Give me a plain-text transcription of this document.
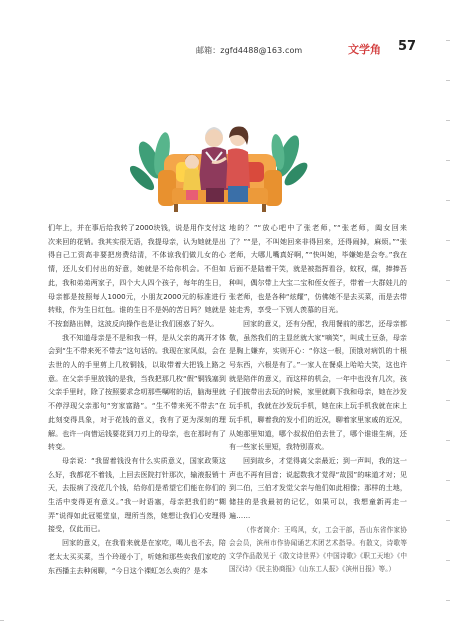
邮箱：zgfd4488@163.com	文学角 57

们年上，并在事后给我转了2000块钱，说是用作支付这次来回的花销。我其实很无语，我提母亲，认为她就是出得自己工资高非要把房费结清，不体谅我们做儿女的心情，还儿女们付出的好意，她就是不给你机会。不但如此，我和弟弟两家子，四个大人四个孩子，每年的生日，母亲都是按照每人1000元，小朋友2000元的标准进行转账，作为生日红包。谁的生日不是妈的苦日吗？她就是不按套路出牌，这波反向操作也是让我们困惑了好久。

我不知道母亲是不是和我一样，是从父亲的离开才体会到“生不带来死不带去”这句话的。我现在家风似，会在去世的人的手里剪上几枚铜钱，以取带着大把钱上路之意。在父亲手里放钱的是我，当我把那几枚“假”铜钱塞到父亲手里时，除了按照要求念叨那些嘱咐的话，脑海里就不停浮现父亲那句“穷家富路”。“生不带来死不带去”在此刻变得具象，对于花钱的意义，我有了更为深刻的理解。也许一向惜运钱要花到刀刃上的母亲，也在那时有了转变。

母亲说：“我留着钱没有什么实质意义，国家政策这么好，我都花不着钱，上回去医院打针那次，输液报销十天，去报病了没花几个钱，给你们是希望它们能在你们的生活中变得更有意义。”我一时语塞，母亲把我们的“糊弄”说得如此冠冕堂皇，理所当然，她想让我们心安理得接受，仅此而已。

回家的意义，在我看来就是在家吃，喝儿也不去，陪老太太买买菜，当个玲瑷小丁，听她和那些卖我们家吃的东西播主去种闲聊，“今日这个裸虹怎么卖的？是本

地的？”“放心吧中了张老师，”“张老师，阖女回来了？”“是，不叫她回来非得回来，还得闹掉，麻烦。”“张老师，大哪儿嘴真好啊，”“快叫她，毕嫌她是会夸。”我在后面不是陆着干笑，就是被指挥看谷，蚊权，煤，捧捧吾种叫，偶尔带上大宝二宝和侄女侄子，带着一大群娃儿的张老师，也是各种“炫耀”，仿佛她不是去买菜，而是去带娃走秀，享受一下别人羡慕的目光。

回家的意义，还有分配，我用餐前的那艺，还母亲都敬，虽然我们的主显丝就大家“嘀笑”，叫成土豆条，母亲是胸上嫌弃，实则开心：“你这一根，顶饿对病饥的十根号东西，六根是有了。”一家人在餐桌上哈哈大笑，这也许就是陪伴的意义，而这样的机会，一年中也没有几次，孩子们披带出去玩的时候，家里就剩下我和母亲，她在沙发玩手机，我就在沙发玩手机，她在床上玩手机我就在床上玩手机，聊着我的发小们的近况，聊着家里家戚的近况，从她那里知道，哪个叔叔伯伯去世了，哪个谁谁生病，还有一些家长里短，我特别喜欢。

回到故乡，才觉得离父亲最近；到一声叫，我的这一声也不再有回音；说起数我才觉得“故园”的味道才对；见到二伯，三伯才发觉父亲与他们如此相像；那样的土地，储挂的是我最初的记忆，如果可以，我想童新再走一遍……

（作者简介：王鸣风，女，工会干部，吾山东省作家协会会员，滨州市作协闻诵艺术团艺术指导。有散文，诗歌等文学作品散见于《散文诗世界》《中国诗歌》《职工天地》《中国汉诗》《民主协商报》《山东工人报》《滨州日报》等。）
